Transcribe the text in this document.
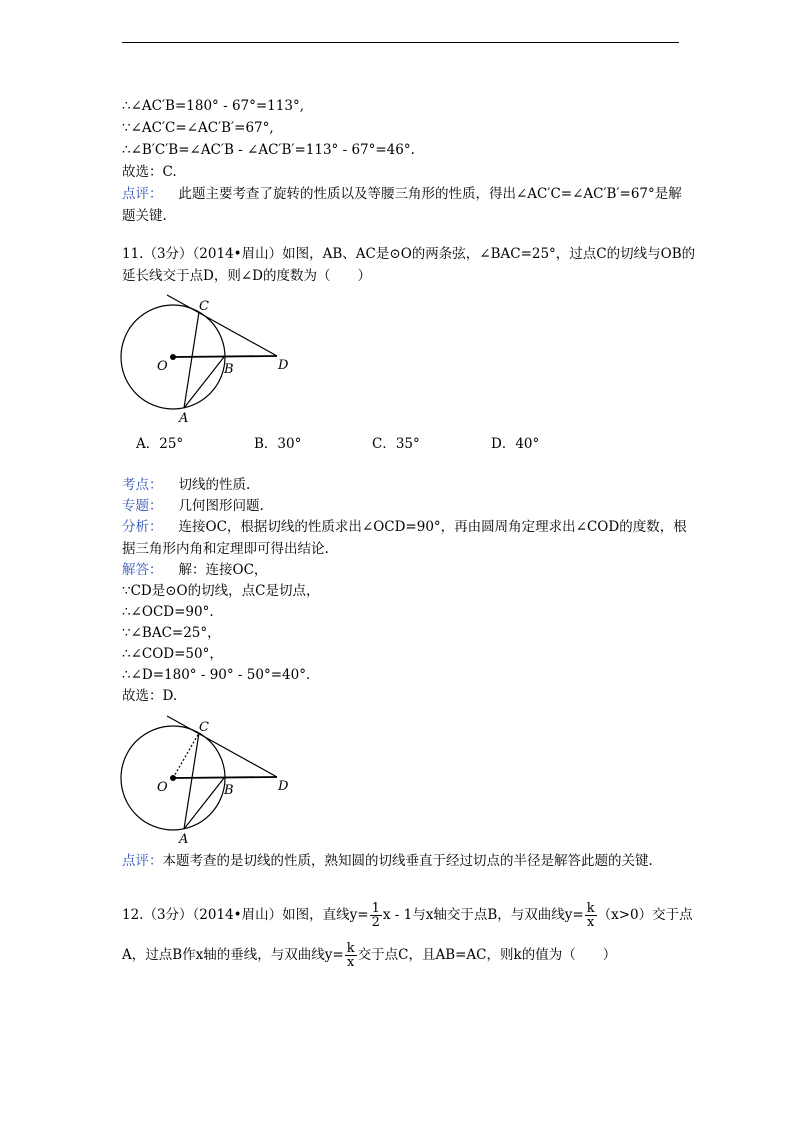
∴∠AC′B=180° - 67°=113°,
∵∠AC′C=∠AC′B′=67°,
∴∠B′C′B=∠AC′B - ∠AC′B′=113° - 67°=46°.
故选：C.
点评： 此题主要考查了旋转的性质以及等腰三角形的性质，得出∠AC′C=∠AC′B′=67°是解
题关键.
11.（3分）（2014•眉山）如图，AB、AC是⊙O的两条弦，∠BAC=25°，过点C的切线与OB的
延长线交于点D，则∠D的度数为（　　）
C
O	B	D
A
A．25°	B．30°	C．35°	D．40°
考点： 切线的性质.
专题： 几何图形问题.
分析： 连接OC，根据切线的性质求出∠OCD=90°，再由圆周角定理求出∠COD的度数，根
据三角形内角和定理即可得出结论.
解答： 解：连接OC，
∵CD是⊙O的切线，点C是切点，
∴∠OCD=90°.
∵∠BAC=25°，
∴∠COD=50°，
∴∠D=180° - 90° - 50°=40°.
故选：D.
C
O	B	D
A
点评：本题考查的是切线的性质，熟知圆的切线垂直于经过切点的半径是解答此题的关键.
12.（3分）（2014•眉山）如图，直线$y= \frac{1}{2}$ x - 1与x轴交于点B，与双曲线$y= \frac{k}{x} (x>0)$交于点
A，过点B作x轴的垂线，与双曲线$y= \frac{k}{x}$ 交于点C，且AB=AC，则k的值为（　　）
